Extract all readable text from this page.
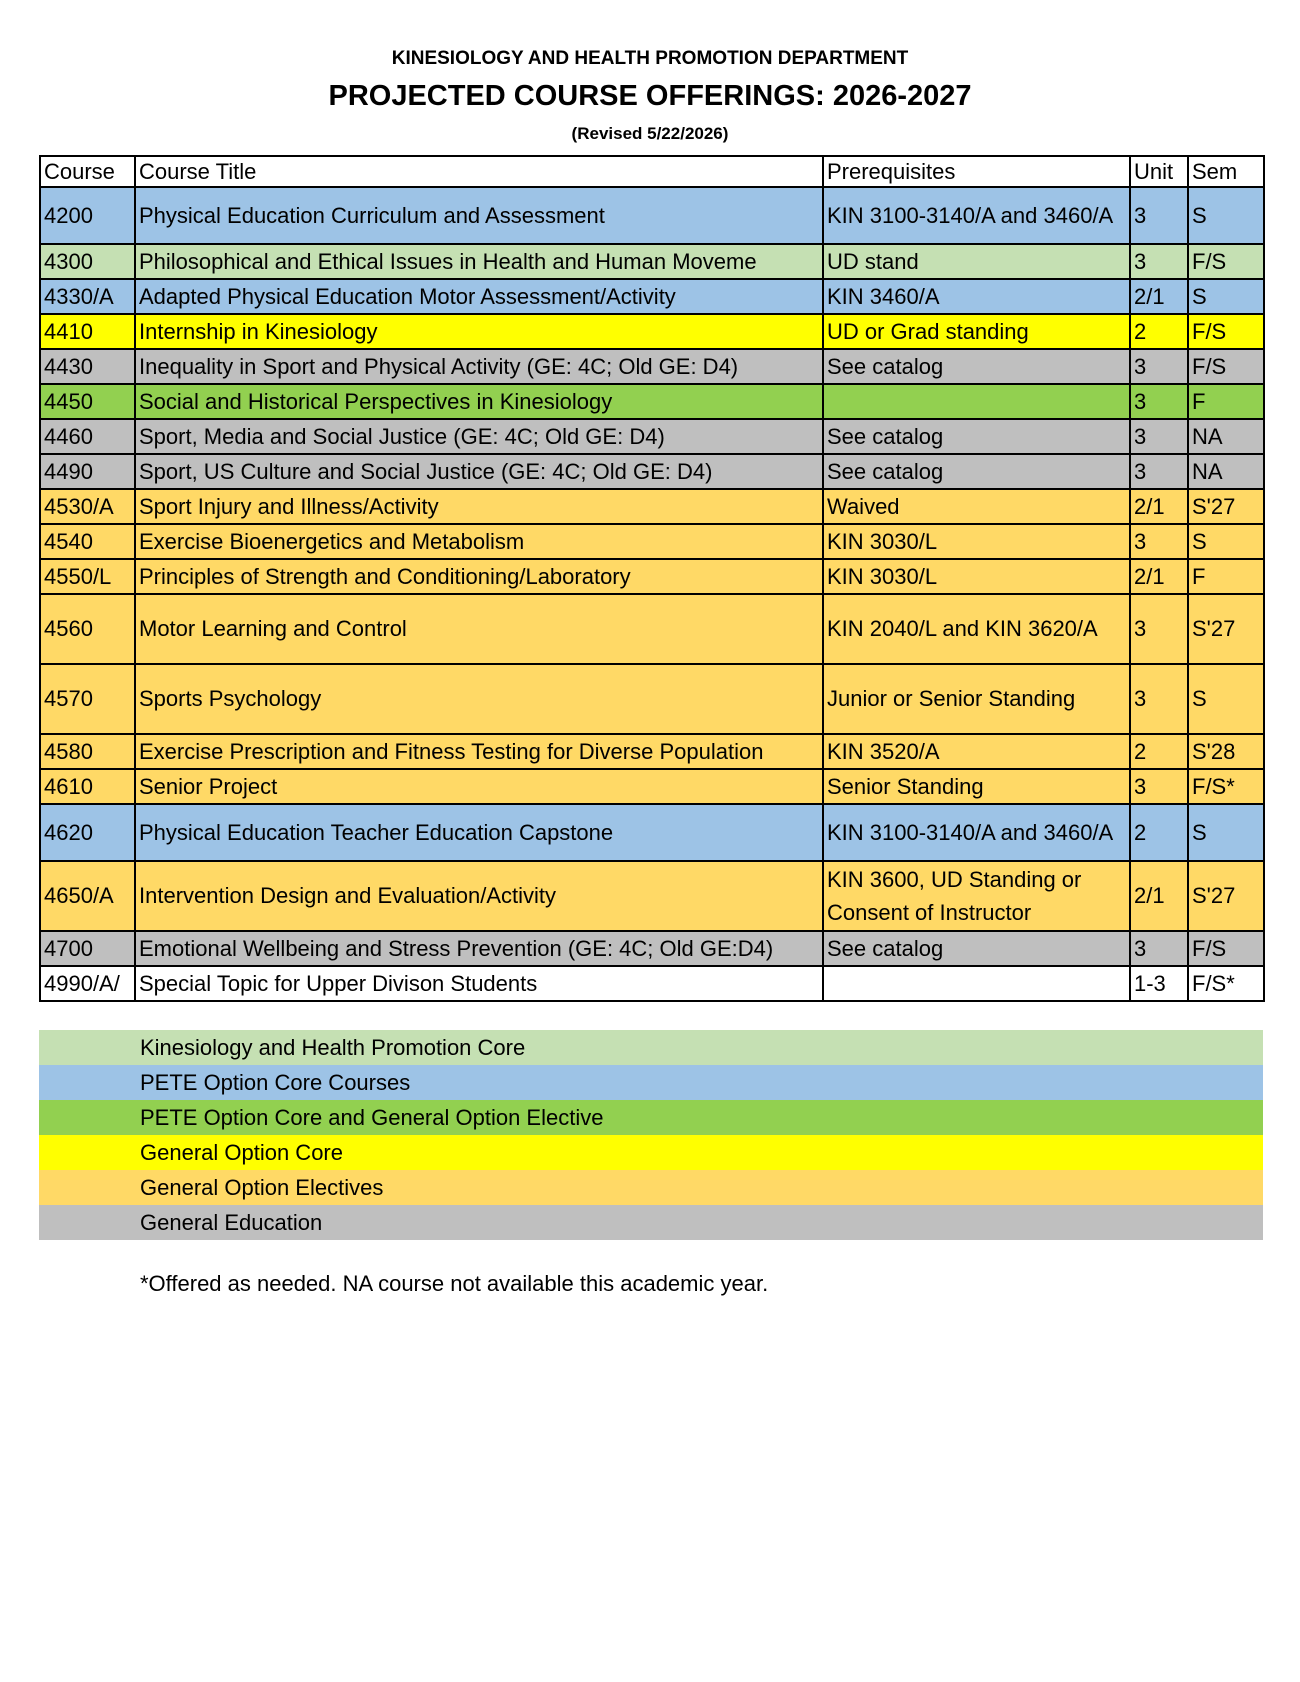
KINESIOLOGY AND HEALTH PROMOTION DEPARTMENT
PROJECTED COURSE OFFERINGS: 2026-2027
(Revised 5/22/2026)
Course	Course Title	Prerequisites	Unit	Sem
4200	Physical Education Curriculum and Assessment	KIN 3100-3140/A and 3460/A	3	S
4300	Philosophical and Ethical Issues in Health and Human Moveme	UD stand	3	F/S
4330/A	Adapted Physical Education Motor Assessment/Activity	KIN 3460/A	2/1	S
4410	Internship in Kinesiology	UD or Grad standing	2	F/S
4430	Inequality in Sport and Physical Activity (GE: 4C; Old GE: D4)	See catalog	3	F/S
4450	Social and Historical Perspectives in Kinesiology		3	F
4460	Sport, Media and Social Justice (GE: 4C; Old GE: D4)	See catalog	3	NA
4490	Sport, US Culture and Social Justice (GE: 4C; Old GE: D4)	See catalog	3	NA
4530/A	Sport Injury and Illness/Activity	Waived	2/1	S'27
4540	Exercise Bioenergetics and Metabolism	KIN 3030/L	3	S
4550/L	Principles of Strength and Conditioning/Laboratory	KIN 3030/L	2/1	F
4560	Motor Learning and Control	KIN 2040/L and KIN 3620/A	3	S'27
4570	Sports Psychology	Junior or Senior Standing	3	S
4580	Exercise Prescription and Fitness Testing for Diverse Population	KIN 3520/A	2	S'28
4610	Senior Project	Senior Standing	3	F/S*
4620	Physical Education Teacher Education Capstone	KIN 3100-3140/A and 3460/A	2	S
4650/A	Intervention Design and Evaluation/Activity	KIN 3600, UD Standing or Consent of Instructor	2/1	S'27
4700	Emotional Wellbeing and Stress Prevention (GE: 4C; Old GE:D4)	See catalog	3	F/S
4990/A/	Special Topic for Upper Divison Students		1-3	F/S*
Kinesiology and Health Promotion Core
PETE Option Core Courses
PETE Option Core and General Option Elective
General Option Core
General Option Electives
General Education
*Offered as needed. NA course not available this academic year.
